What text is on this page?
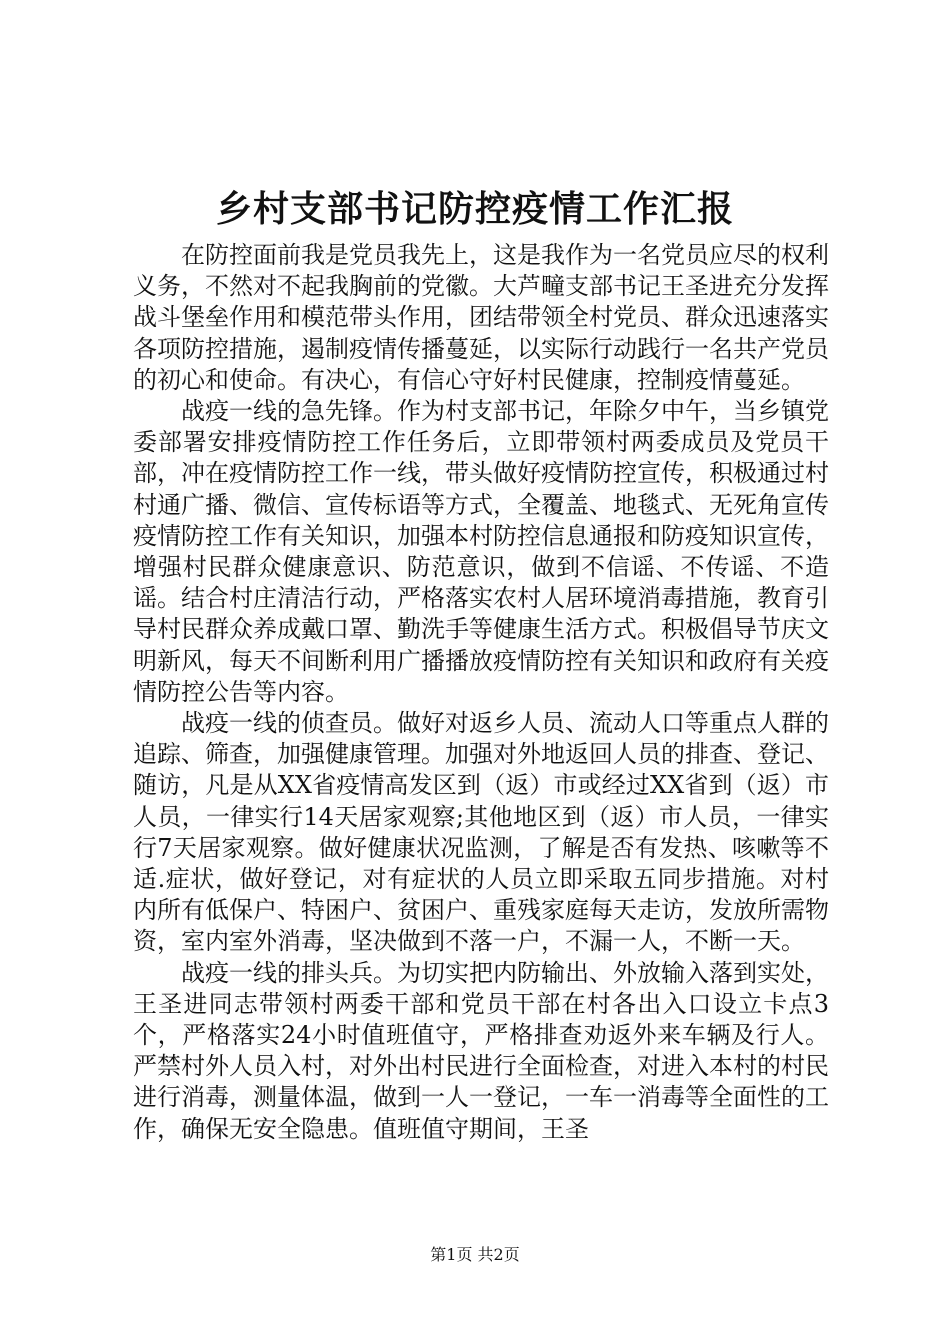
乡村支部书记防控疫情工作汇报

在防控面前我是党员我先上，这是我作为一名党员应尽的权利义务，不然对不起我胸前的党徽。大芦疃支部书记王圣进充分发挥战斗堡垒作用和模范带头作用，团结带领全村党员、群众迅速落实各项防控措施，遏制疫情传播蔓延，以实际行动践行一名共产党员的初心和使命。有决心，有信心守好村民健康，控制疫情蔓延。

战疫一线的急先锋。作为村支部书记，年除夕中午，当乡镇党委部署安排疫情防控工作任务后，立即带领村两委成员及党员干部，冲在疫情防控工作一线，带头做好疫情防控宣传，积极通过村村通广播、微信、宣传标语等方式，全覆盖、地毯式、无死角宣传疫情防控工作有关知识，加强本村防控信息通报和防疫知识宣传，增强村民群众健康意识、防范意识，做到不信谣、不传谣、不造谣。结合村庄清洁行动，严格落实农村人居环境消毒措施，教育引导村民群众养成戴口罩、勤洗手等健康生活方式。积极倡导节庆文明新风，每天不间断利用广播播放疫情防控有关知识和政府有关疫情防控公告等内容。

战疫一线的侦查员。做好对返乡人员、流动人口等重点人群的追踪、筛查，加强健康管理。加强对外地返回人员的排查、登记、随访，凡是从XX省疫情高发区到（返）市或经过XX省到（返）市人员，一律实行14天居家观察;其他地区到（返）市人员，一律实行7天居家观察。做好健康状况监测，了解是否有发热、咳嗽等不适.症状，做好登记，对有症状的人员立即采取五同步措施。对村内所有低保户、特困户、贫困户、重残家庭每天走访，发放所需物资，室内室外消毒，坚决做到不落一户，不漏一人，不断一天。

战疫一线的排头兵。为切实把内防输出、外放输入落到实处，王圣进同志带领村两委干部和党员干部在村各出入口设立卡点3个，严格落实24小时值班值守，严格排查劝返外来车辆及行人。严禁村外人员入村，对外出村民进行全面检查，对进入本村的村民进行消毒，测量体温，做到一人一登记，一车一消毒等全面性的工作，确保无安全隐患。值班值守期间，王圣

第1页 共2页
